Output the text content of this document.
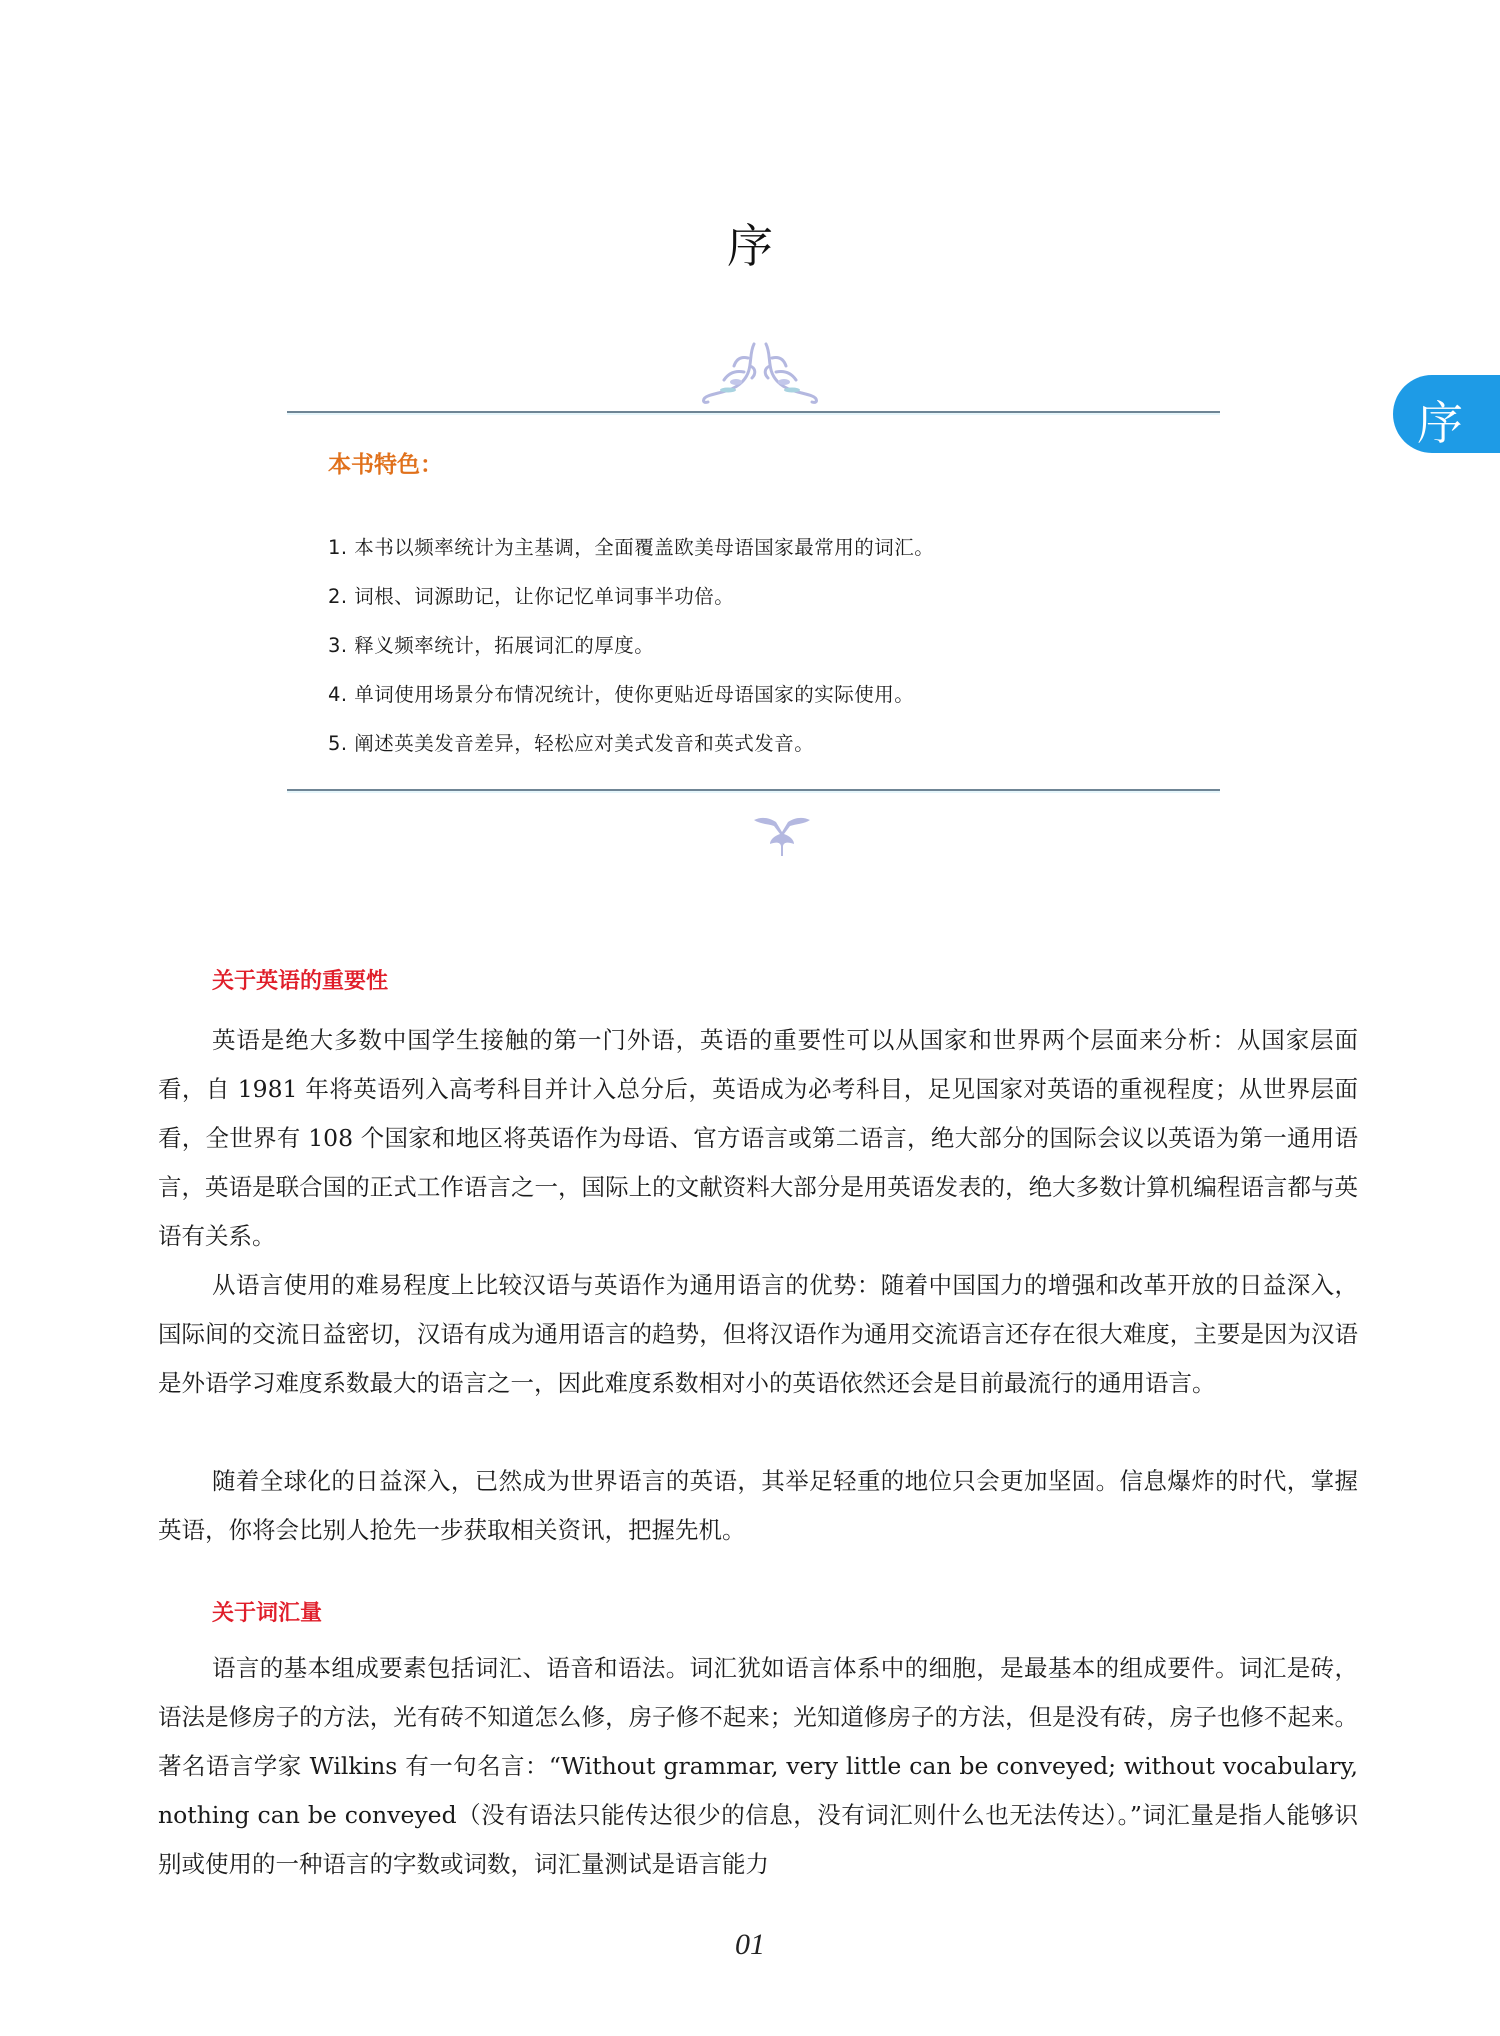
序
序
本书特色：
1. 本书以频率统计为主基调，全面覆盖欧美母语国家最常用的词汇。
2. 词根、词源助记，让你记忆单词事半功倍。
3. 释义频率统计，拓展词汇的厚度。
4. 单词使用场景分布情况统计，使你更贴近母语国家的实际使用。
5. 阐述英美发音差异，轻松应对美式发音和英式发音。
关于英语的重要性
英语是绝大多数中国学生接触的第一门外语，英语的重要性可以从国家和世界两个层面来分析：从国家层面看，自 1981 年将英语列入高考科目并计入总分后，英语成为必考科目，足见国家对英语的重视程度；从世界层面看，全世界有 108 个国家和地区将英语作为母语、官方语言或第二语言，绝大部分的国际会议以英语为第一通用语言，英语是联合国的正式工作语言之一，国际上的文献资料大部分是用英语发表的，绝大多数计算机编程语言都与英语有关系。
从语言使用的难易程度上比较汉语与英语作为通用语言的优势：随着中国国力的增强和改革开放的日益深入，国际间的交流日益密切，汉语有成为通用语言的趋势，但将汉语作为通用交流语言还存在很大难度，主要是因为汉语是外语学习难度系数最大的语言之一，因此难度系数相对小的英语依然还会是目前最流行的通用语言。
随着全球化的日益深入，已然成为世界语言的英语，其举足轻重的地位只会更加坚固。信息爆炸的时代，掌握英语，你将会比别人抢先一步获取相关资讯，把握先机。
关于词汇量
语言的基本组成要素包括词汇、语音和语法。词汇犹如语言体系中的细胞，是最基本的组成要件。词汇是砖，语法是修房子的方法，光有砖不知道怎么修，房子修不起来；光知道修房子的方法，但是没有砖，房子也修不起来。著名语言学家 Wilkins 有一句名言：“Without grammar, very little can be conveyed; without vocabulary, nothing can be conveyed（没有语法只能传达很少的信息，没有词汇则什么也无法传达）。”词汇量是指人能够识别或使用的一种语言的字数或词数，词汇量测试是语言能力
01
